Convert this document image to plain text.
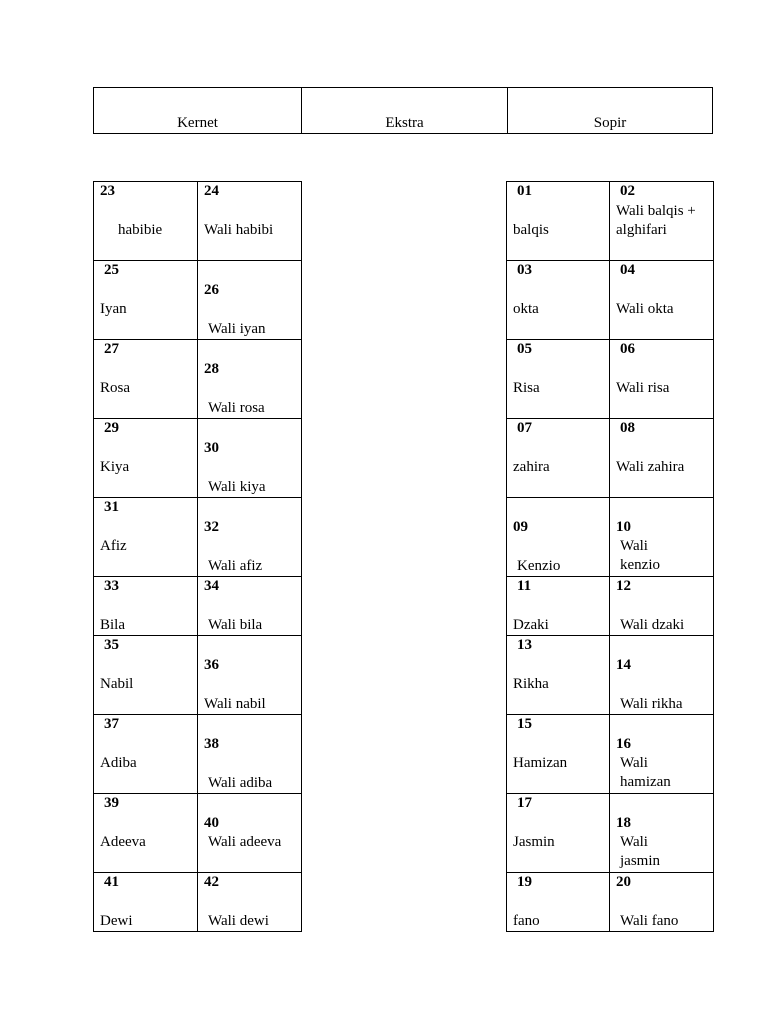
Kernet	Ekstra	Sopir
23
habibie
24
Wali habibi
25
Iyan
26
Wali iyan
27
Rosa
28
Wali rosa
29
Kiya
30
Wali kiya
31
Afiz
32
Wali afiz
33
Bila
34
Wali bila
35
Nabil
36
Wali nabil
37
Adiba
38
Wali adiba
39
Adeeva
40
Wali adeeva
41
Dewi
42
Wali dewi
01
balqis
02
Wali balqis + alghifari
03
okta
04
Wali okta
05
Risa
06
Wali risa
07
zahira
08
Wali zahira
09
Kenzio
10
Wali kenzio
11
Dzaki
12
Wali dzaki
13
Rikha
14
Wali rikha
15
Hamizan
16
Wali hamizan
17
Jasmin
18
Wali jasmin
19
fano
20
Wali fano
